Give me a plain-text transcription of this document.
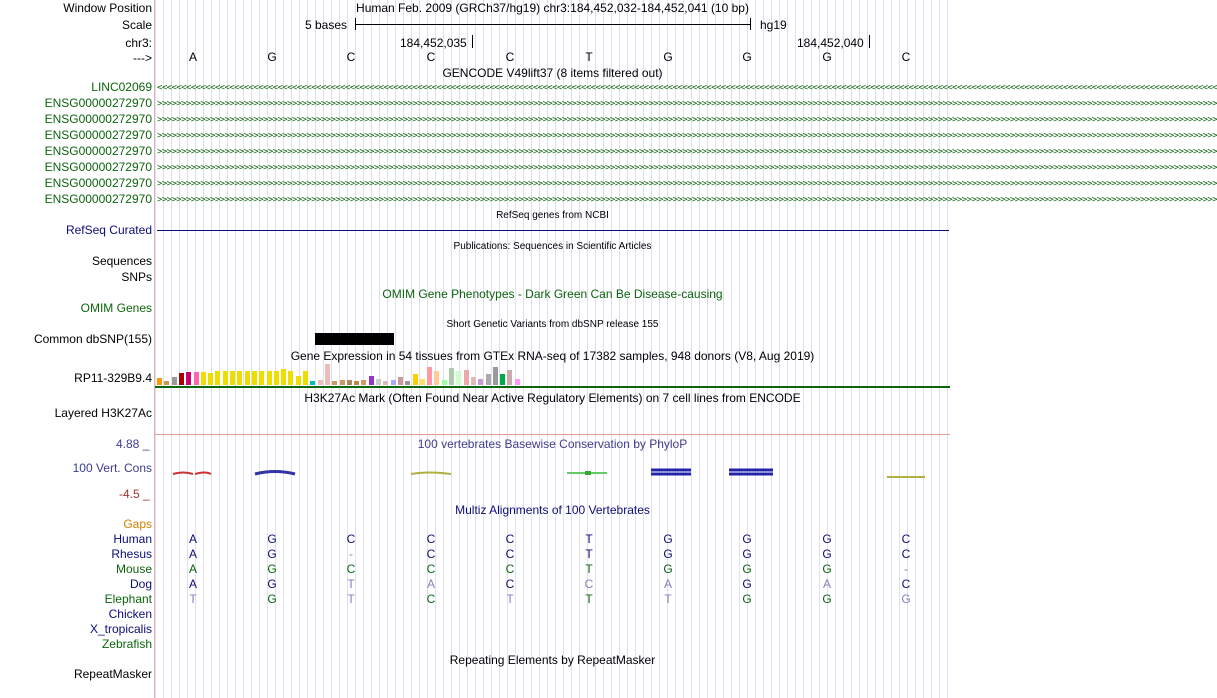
Window Position	Human Feb. 2009 (GRCh37/hg19) chr3:184,452,032-184,452,041 (10 bp)
Scale	5 bases	hg19
chr3:	184,452,035	184,452,040
--->	A	G	C	C	C	T	G	G	G	C
GENCODE V49lift37 (8 items filtered out)
LINC02069
ENSG00000272970
ENSG00000272970
ENSG00000272970
ENSG00000272970
ENSG00000272970
ENSG00000272970
ENSG00000272970
<<<<<<<<<<<<<<<<<<<<<<<<<<<<<<<<<<<<<<<<<<<<<<<<<<<<<<<<<<<<<<<<<<<<<<<<<<<<<<<<<<<<<<<<<<<<<<<<<<<<<<<<<<<<<<<<<<<<<<<<<<<<<<<<<<<<<<<<<<<<<<<<<<<<<<<<<<<<<<<<<<<<<<<<<<<<<<<<<<<<<<<<<<<<<<<<<<<<<<<<<<<<<<<<<<<<<<<<<<<<
>>>>>>>>>>>>>>>>>>>>>>>>>>>>>>>>>>>>>>>>>>>>>>>>>>>>>>>>>>>>>>>>>>>>>>>>>>>>>>>>>>>>>>>>>>>>>>>>>>>>>>>>>>>>>>>>>>>>>>>>>>>>>>>>>>>>>>>>>>>>>>>>>>>>>>>>>>>>>>>>>>>>>>>>>>>>>>>>>>>>>>>>>>>>>>>>>>>>>>>>>>>>>>>>>>>>>>>>>>>>
>>>>>>>>>>>>>>>>>>>>>>>>>>>>>>>>>>>>>>>>>>>>>>>>>>>>>>>>>>>>>>>>>>>>>>>>>>>>>>>>>>>>>>>>>>>>>>>>>>>>>>>>>>>>>>>>>>>>>>>>>>>>>>>>>>>>>>>>>>>>>>>>>>>>>>>>>>>>>>>>>>>>>>>>>>>>>>>>>>>>>>>>>>>>>>>>>>>>>>>>>>>>>>>>>>>>>>>>>>>>
>>>>>>>>>>>>>>>>>>>>>>>>>>>>>>>>>>>>>>>>>>>>>>>>>>>>>>>>>>>>>>>>>>>>>>>>>>>>>>>>>>>>>>>>>>>>>>>>>>>>>>>>>>>>>>>>>>>>>>>>>>>>>>>>>>>>>>>>>>>>>>>>>>>>>>>>>>>>>>>>>>>>>>>>>>>>>>>>>>>>>>>>>>>>>>>>>>>>>>>>>>>>>>>>>>>>>>>>>>>>
>>>>>>>>>>>>>>>>>>>>>>>>>>>>>>>>>>>>>>>>>>>>>>>>>>>>>>>>>>>>>>>>>>>>>>>>>>>>>>>>>>>>>>>>>>>>>>>>>>>>>>>>>>>>>>>>>>>>>>>>>>>>>>>>>>>>>>>>>>>>>>>>>>>>>>>>>>>>>>>>>>>>>>>>>>>>>>>>>>>>>>>>>>>>>>>>>>>>>>>>>>>>>>>>>>>>>>>>>>>>
>>>>>>>>>>>>>>>>>>>>>>>>>>>>>>>>>>>>>>>>>>>>>>>>>>>>>>>>>>>>>>>>>>>>>>>>>>>>>>>>>>>>>>>>>>>>>>>>>>>>>>>>>>>>>>>>>>>>>>>>>>>>>>>>>>>>>>>>>>>>>>>>>>>>>>>>>>>>>>>>>>>>>>>>>>>>>>>>>>>>>>>>>>>>>>>>>>>>>>>>>>>>>>>>>>>>>>>>>>>>
>>>>>>>>>>>>>>>>>>>>>>>>>>>>>>>>>>>>>>>>>>>>>>>>>>>>>>>>>>>>>>>>>>>>>>>>>>>>>>>>>>>>>>>>>>>>>>>>>>>>>>>>>>>>>>>>>>>>>>>>>>>>>>>>>>>>>>>>>>>>>>>>>>>>>>>>>>>>>>>>>>>>>>>>>>>>>>>>>>>>>>>>>>>>>>>>>>>>>>>>>>>>>>>>>>>>>>>>>>>>
>>>>>>>>>>>>>>>>>>>>>>>>>>>>>>>>>>>>>>>>>>>>>>>>>>>>>>>>>>>>>>>>>>>>>>>>>>>>>>>>>>>>>>>>>>>>>>>>>>>>>>>>>>>>>>>>>>>>>>>>>>>>>>>>>>>>>>>>>>>>>>>>>>>>>>>>>>>>>>>>>>>>>>>>>>>>>>>>>>>>>>>>>>>>>>>>>>>>>>>>>>>>>>>>>>>>>>>>>>>>
RefSeq genes from NCBI
RefSeq Curated
Publications: Sequences in Scientific Articles
Sequences
SNPs
OMIM Gene Phenotypes - Dark Green Can Be Disease-causing
OMIM Genes
Short Genetic Variants from dbSNP release 155
Common dbSNP(155)
Gene Expression in 54 tissues from GTEx RNA-seq of 17382 samples, 948 donors (V8, Aug 2019)
RP11-329B9.4
H3K27Ac Mark (Often Found Near Active Regulatory Elements) on 7 cell lines from ENCODE
Layered H3K27Ac
100 vertebrates Basewise Conservation by PhyloP
4.88 _
100 Vert. Cons
-4.5 _
Multiz Alignments of 100 Vertebrates
Gaps
Human	A	G	C	C	C	T	G	G	G	C
Rhesus	A	G	-	C	C	T	G	G	G	C
Mouse	A	G	C	C	C	T	G	G	G	-
Dog	A	G	T	A	C	C	A	G	A	C
Elephant	T	G	T	C	T	T	T	G	G	G
Chicken
X_tropicalis
Zebrafish
Repeating Elements by RepeatMasker
RepeatMasker
